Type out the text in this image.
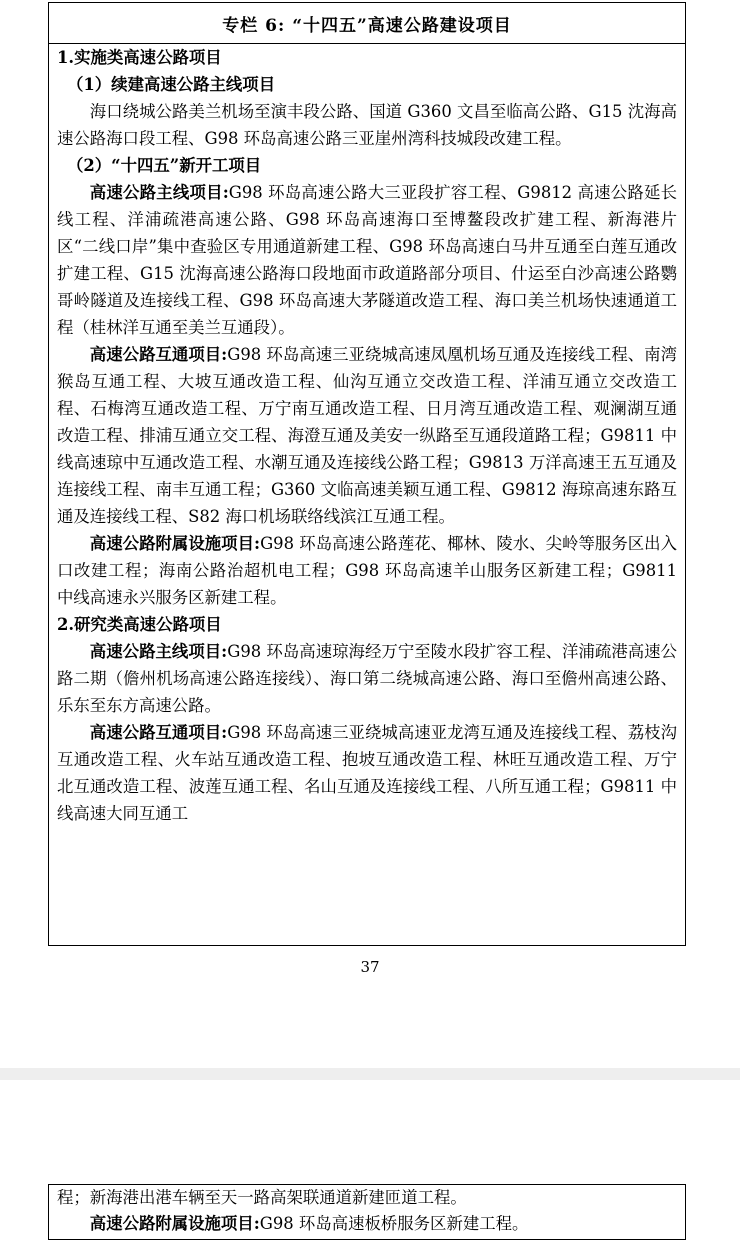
专栏 6: “十四五”高速公路建设项目
1.实施类高速公路项目
（1）续建高速公路主线项目
海口绕城公路美兰机场至演丰段公路、国道 G360 文昌至临高公路、G15 沈海高速公路海口段工程、G98 环岛高速公路三亚崖州湾科技城段改建工程。
（2）“十四五”新开工项目
高速公路主线项目:G98 环岛高速公路大三亚段扩容工程、G9812 高速公路延长线工程、洋浦疏港高速公路、G98 环岛高速海口至博鳌段改扩建工程、新海港片区“二线口岸”集中查验区专用通道新建工程、G98 环岛高速白马井互通至白莲互通改扩建工程、G15 沈海高速公路海口段地面市政道路部分项目、什运至白沙高速公路鹦哥岭隧道及连接线工程、G98 环岛高速大茅隧道改造工程、海口美兰机场快速通道工程（桂林洋互通至美兰互通段）。
高速公路互通项目:G98 环岛高速三亚绕城高速凤凰机场互通及连接线工程、南湾猴岛互通工程、大坡互通改造工程、仙沟互通立交改造工程、洋浦互通立交改造工程、石梅湾互通改造工程、万宁南互通改造工程、日月湾互通改造工程、观澜湖互通改造工程、排浦互通立交工程、海澄互通及美安一纵路至互通段道路工程；G9811 中线高速琼中互通改造工程、水潮互通及连接线公路工程；G9813 万洋高速王五互通及连接线工程、南丰互通工程；G360 文临高速美颖互通工程、G9812 海琼高速东路互通及连接线工程、S82 海口机场联络线滨江互通工程。
高速公路附属设施项目:G98 环岛高速公路莲花、椰林、陵水、尖岭等服务区出入口改建工程；海南公路治超机电工程；G98 环岛高速羊山服务区新建工程；G9811 中线高速永兴服务区新建工程。
2.研究类高速公路项目
高速公路主线项目:G98 环岛高速琼海经万宁至陵水段扩容工程、洋浦疏港高速公路二期（儋州机场高速公路连接线）、海口第二绕城高速公路、海口至儋州高速公路、乐东至东方高速公路。
高速公路互通项目:G98 环岛高速三亚绕城高速亚龙湾互通及连接线工程、荔枝沟互通改造工程、火车站互通改造工程、抱坡互通改造工程、林旺互通改造工程、万宁北互通改造工程、波莲互通工程、名山互通及连接线工程、八所互通工程；G9811 中线高速大同互通工
37
程；新海港出港车辆至天一路高架联通道新建匝道工程。
高速公路附属设施项目:G98 环岛高速板桥服务区新建工程。
